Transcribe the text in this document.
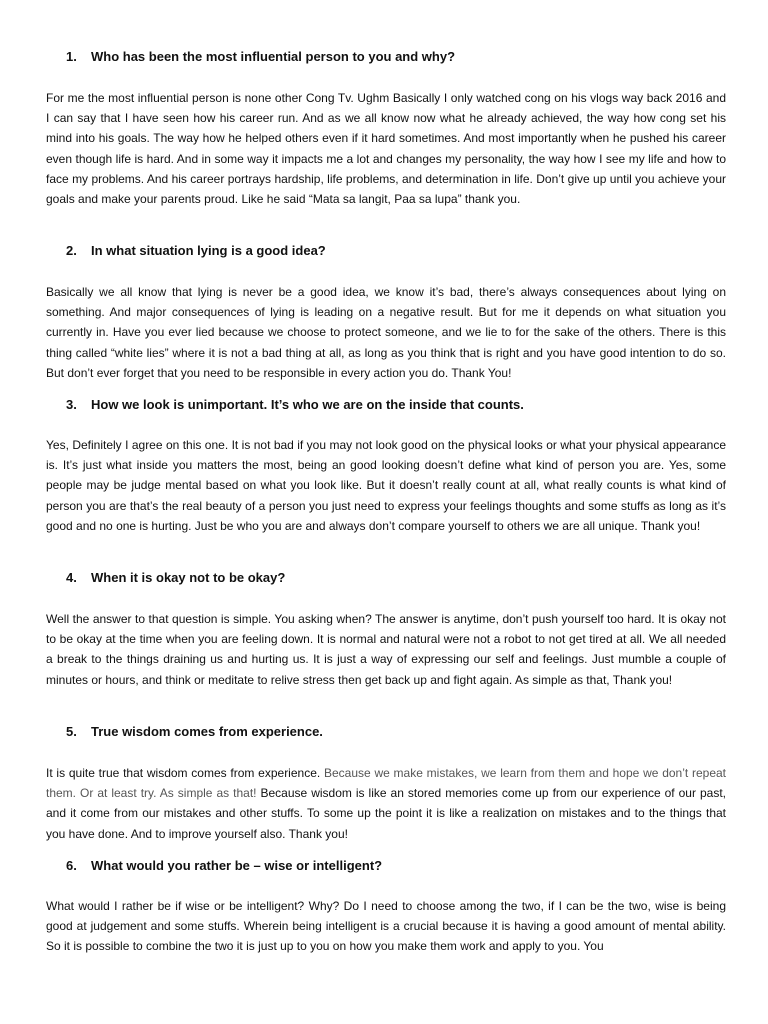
1. Who has been the most influential person to you and why?
For me the most influential person is none other Cong Tv. Ughm Basically I only watched cong on his vlogs way back 2016 and I can say that I have seen how his career run. And as we all know now what he already achieved, the way how cong set his mind into his goals. The way how he helped others even if it hard sometimes. And most importantly when he pushed his career even though life is hard. And in some way it impacts me a lot and changes my personality, the way how I see my life and how to face my problems. And his career portrays hardship, life problems, and determination in life. Don’t give up until you achieve your goals and make your parents proud. Like he said “Mata sa langit, Paa sa lupa” thank you.
2. In what situation lying is a good idea?
Basically we all know that lying is never be a good idea, we know it’s bad, there’s always consequences about lying on something. And major consequences of lying is leading on a negative result. But for me it depends on what situation you currently in. Have you ever lied because we choose to protect someone, and we lie to for the sake of the others. There is this thing called “white lies” where it is not a bad thing at all, as long as you think that is right and you have good intention to do so. But don’t ever forget that you need to be responsible in every action you do. Thank You!
3. How we look is unimportant. It’s who we are on the inside that counts.
Yes, Definitely I agree on this one. It is not bad if you may not look good on the physical looks or what your physical appearance is. It’s just what inside you matters the most, being an good looking doesn’t define what kind of person you are. Yes, some people may be judge mental based on what you look like. But it doesn’t really count at all, what really counts is what kind of person you are that’s the real beauty of a person you just need to express your feelings thoughts and some stuffs as long as it’s good and no one is hurting. Just be who you are and always don’t compare yourself to others we are all unique. Thank you!
4. When it is okay not to be okay?
Well the answer to that question is simple. You asking when? The answer is anytime, don’t push yourself too hard. It is okay not to be okay at the time when you are feeling down. It is normal and natural were not a robot to not get tired at all. We all needed a break to the things draining us and hurting us. It is just a way of expressing our self and feelings. Just mumble a couple of minutes or hours, and think or meditate to relive stress then get back up and fight again. As simple as that, Thank you!
5. True wisdom comes from experience.
It is quite true that wisdom comes from experience. Because we make mistakes, we learn from them and hope we don’t repeat them. Or at least try. As simple as that! Because wisdom is like an stored memories come up from our experience of our past, and it come from our mistakes and other stuffs. To some up the point it is like a realization on mistakes and to the things that you have done. And to improve yourself also. Thank you!
6. What would you rather be – wise or intelligent?
What would I rather be if wise or be intelligent? Why? Do I need to choose among the two, if I can be the two, wise is being good at judgement and some stuffs. Wherein being intelligent is a crucial because it is having a good amount of mental ability. So it is possible to combine the two it is just up to you on how you make them work and apply to you. You
